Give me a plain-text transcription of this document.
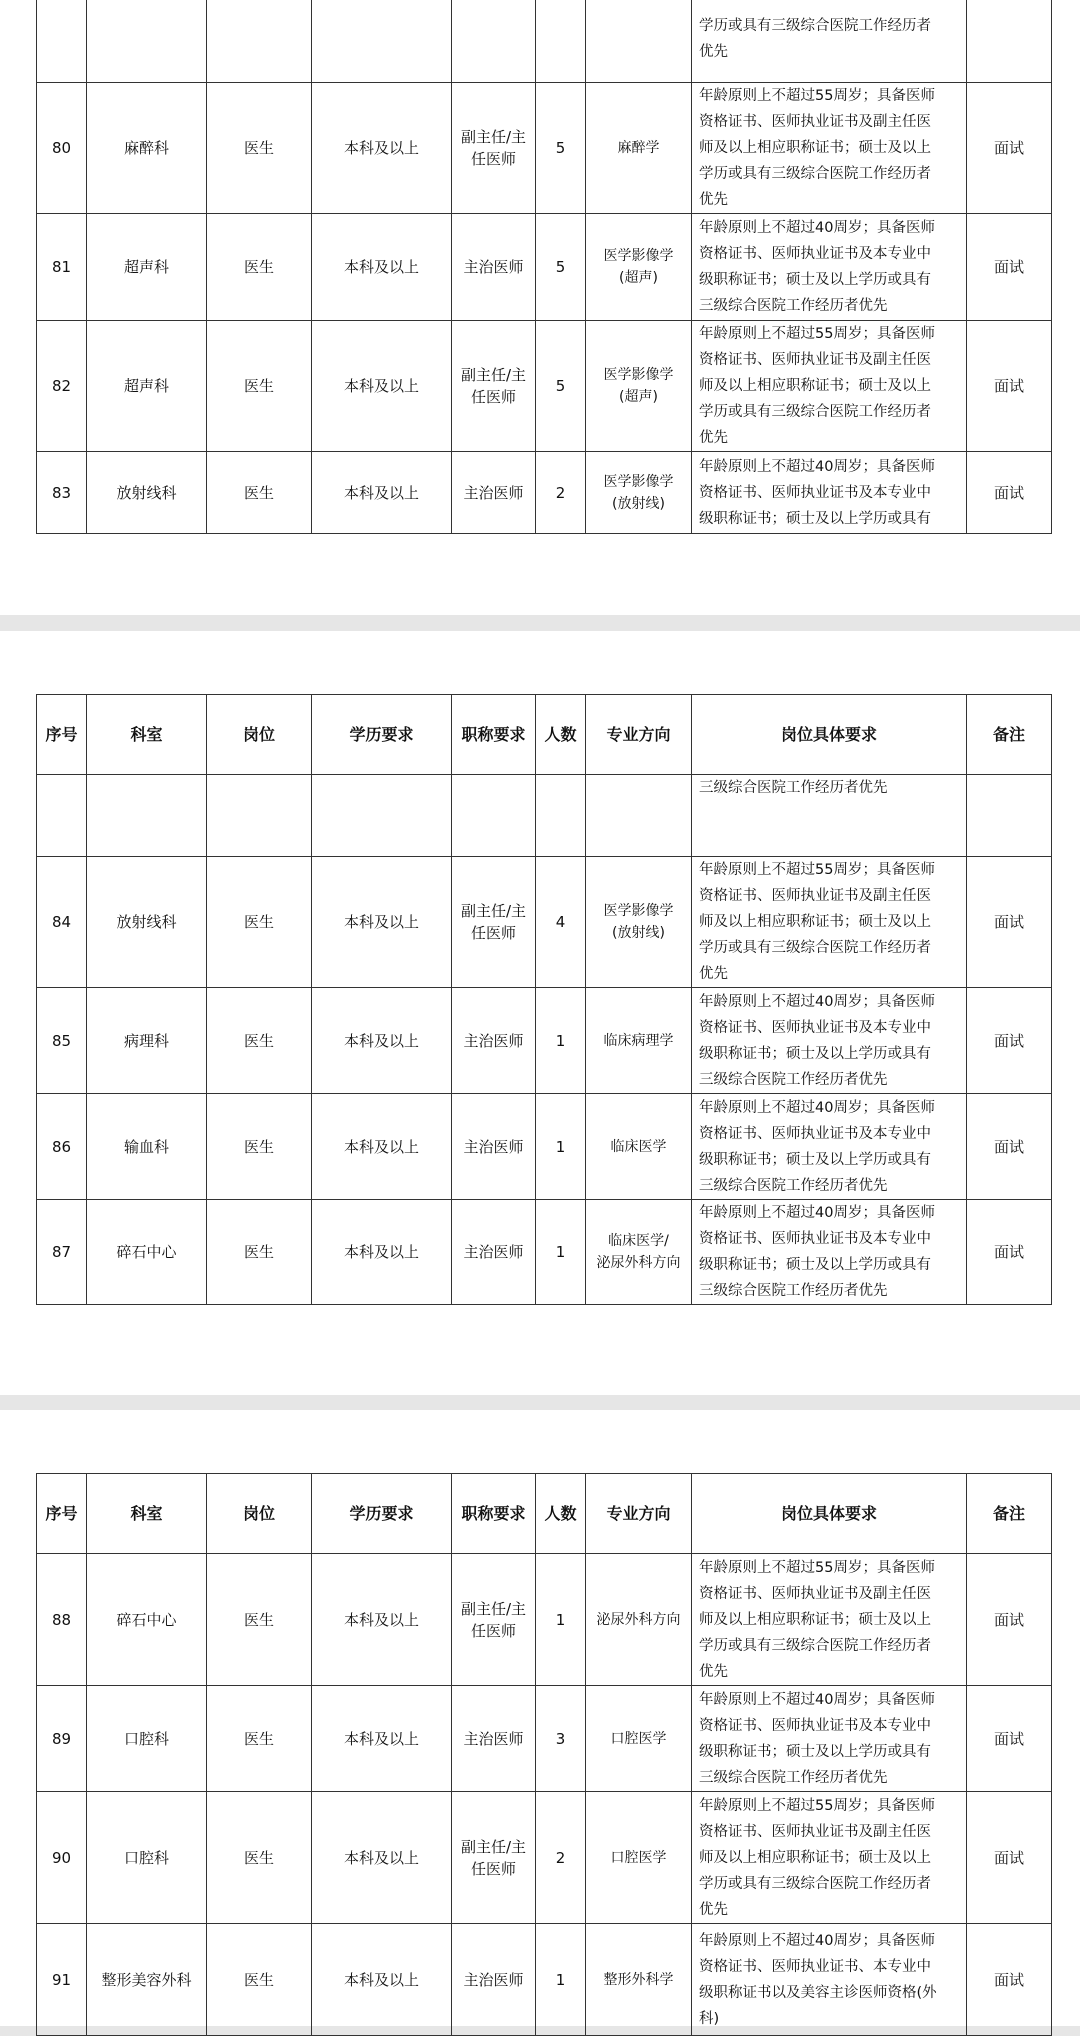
							学历或具有三级综合医院工作经历者
优先	

80	麻醉科	医生	本科及以上	副主任/主
任医师	5	麻醉学	年龄原则上不超过55周岁；具备医师
资格证书、医师执业证书及副主任医
师及以上相应职称证书；硕士及以上
学历或具有三级综合医院工作经历者
优先	面试
81	超声科	医生	本科及以上	主治医师	5	医学影像学
(超声)	年龄原则上不超过40周岁；具备医师
资格证书、医师执业证书及本专业中
级职称证书；硕士及以上学历或具有
三级综合医院工作经历者优先	面试
82	超声科	医生	本科及以上	副主任/主
任医师	5	医学影像学
(超声)	年龄原则上不超过55周岁；具备医师
资格证书、医师执业证书及副主任医
师及以上相应职称证书；硕士及以上
学历或具有三级综合医院工作经历者
优先	面试
83	放射线科	医生	本科及以上	主治医师	2	医学影像学
(放射线)	年龄原则上不超过40周岁；具备医师
资格证书、医师执业证书及本专业中
级职称证书；硕士及以上学历或具有	面试
序号	科室	岗位	学历要求	职称要求	人数	专业方向	岗位具体要求	备注

							三级综合医院工作经历者优先	

84	放射线科	医生	本科及以上	副主任/主
任医师	4	医学影像学
(放射线)	年龄原则上不超过55周岁；具备医师
资格证书、医师执业证书及副主任医
师及以上相应职称证书；硕士及以上
学历或具有三级综合医院工作经历者
优先	面试
85	病理科	医生	本科及以上	主治医师	1	临床病理学	年龄原则上不超过40周岁；具备医师
资格证书、医师执业证书及本专业中
级职称证书；硕士及以上学历或具有
三级综合医院工作经历者优先	面试
86	输血科	医生	本科及以上	主治医师	1	临床医学	年龄原则上不超过40周岁；具备医师
资格证书、医师执业证书及本专业中
级职称证书；硕士及以上学历或具有
三级综合医院工作经历者优先	面试
87	碎石中心	医生	本科及以上	主治医师	1	临床医学/
泌尿外科方向	年龄原则上不超过40周岁；具备医师
资格证书、医师执业证书及本专业中
级职称证书；硕士及以上学历或具有
三级综合医院工作经历者优先	面试
序号	科室	岗位	学历要求	职称要求	人数	专业方向	岗位具体要求	备注
88	碎石中心	医生	本科及以上	副主任/主
任医师	1	泌尿外科方向	年龄原则上不超过55周岁；具备医师
资格证书、医师执业证书及副主任医
师及以上相应职称证书；硕士及以上
学历或具有三级综合医院工作经历者
优先	面试
89	口腔科	医生	本科及以上	主治医师	3	口腔医学	年龄原则上不超过40周岁；具备医师
资格证书、医师执业证书及本专业中
级职称证书；硕士及以上学历或具有
三级综合医院工作经历者优先	面试
90	口腔科	医生	本科及以上	副主任/主
任医师	2	口腔医学	年龄原则上不超过55周岁；具备医师
资格证书、医师执业证书及副主任医
师及以上相应职称证书；硕士及以上
学历或具有三级综合医院工作经历者
优先	面试
91	整形美容外科	医生	本科及以上	主治医师	1	整形外科学	年龄原则上不超过40周岁；具备医师
资格证书、医师执业证书、本专业中
级职称证书以及美容主诊医师资格(外
科)	面试
